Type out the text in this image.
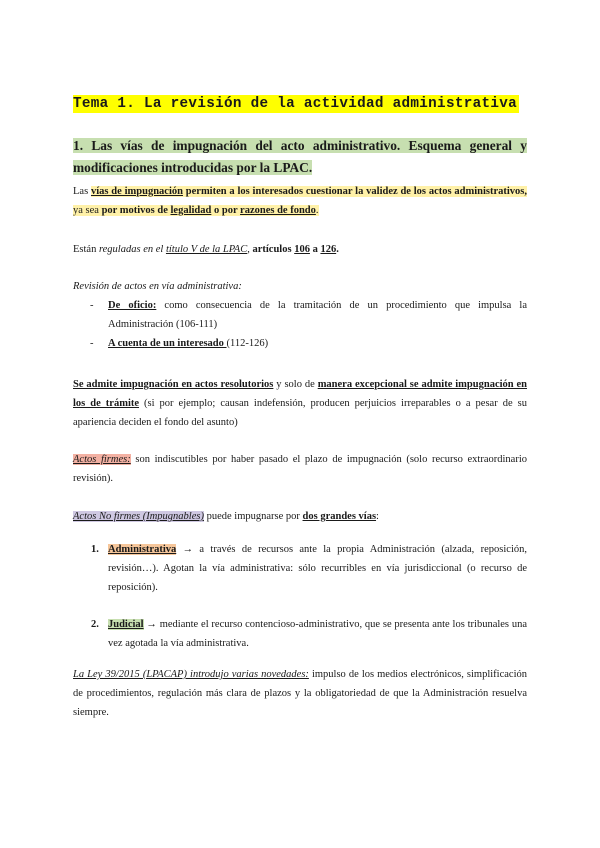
Tema 1. La revisión de la actividad administrativa
1. Las vías de impugnación del acto administrativo. Esquema general y modificaciones introducidas por la LPAC.
Las vías de impugnación permiten a los interesados cuestionar la validez de los actos administrativos, ya sea por motivos de legalidad o por razones de fondo.
Están reguladas en el título V de la LPAC, artículos 106 a 126.
Revisión de actos en vía administrativa:
- De oficio: como consecuencia de la tramitación de un procedimiento que impulsa la Administración (106-111)
- A cuenta de un interesado (112-126)
Se admite impugnación en actos resolutorios y solo de manera excepcional se admite impugnación en los de trámite (si por ejemplo; causan indefensión, producen perjuicios irreparables o a pesar de su apariencia deciden el fondo del asunto)
Actos firmes: son indiscutibles por haber pasado el plazo de impugnación (solo recurso extraordinario revisión).
Actos No firmes (Impugnables) puede impugnarse por dos grandes vías:
1. Administrativa → a través de recursos ante la propia Administración (alzada, reposición, revisión…). Agotan la vía administrativa: sólo recurribles en vía jurisdiccional (o recurso de reposición).
2. Judicial → mediante el recurso contencioso-administrativo, que se presenta ante los tribunales una vez agotada la vía administrativa.
La Ley 39/2015 (LPACAP) introdujo varias novedades: impulso de los medios electrónicos, simplificación de procedimientos, regulación más clara de plazos y la obligatoriedad de que la Administración resuelva siempre.
